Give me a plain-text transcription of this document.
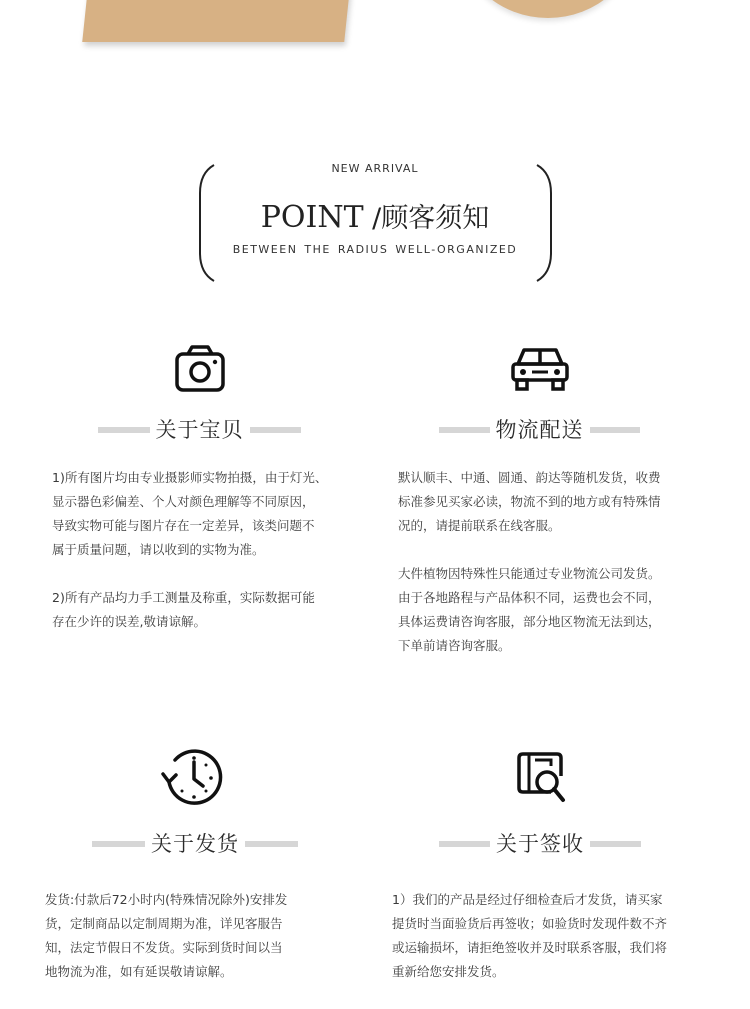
NEW ARRIVAL
POINT /顾客须知
BETWEEN THE RADIUS WELL-ORGANIZED
关于宝贝
1)所有图片均由专业摄影师实物拍摄，由于灯光、
显示器色彩偏差、个人对颜色理解等不同原因，
导致实物可能与图片存在一定差异，该类问题不
属于质量问题，请以收到的实物为准。
2)所有产品均力手工测量及称重，实际数据可能
存在少许的误差,敬请谅解。
物流配送
默认顺丰、中通、圆通、韵达等随机发货，收费
标准参见买家必读，物流不到的地方或有特殊情
况的，请提前联系在线客服。
大件植物因特殊性只能通过专业物流公司发货。
由于各地路程与产品体积不同，运费也会不同，
具体运费请咨询客服，部分地区物流无法到达，
下单前请咨询客服。
关于发货
发货:付款后72小时内(特殊情况除外)安排发
货，定制商品以定制周期为准，详见客服告
知，法定节假日不发货。实际到货时间以当
地物流为准，如有延误敬请谅解。
关于签收
1）我们的产品是经过仔细检查后才发货，请买家
提货时当面验货后再签收；如验货时发现件数不齐
或运输损坏，请拒绝签收并及时联系客服，我们将
重新给您安排发货。
